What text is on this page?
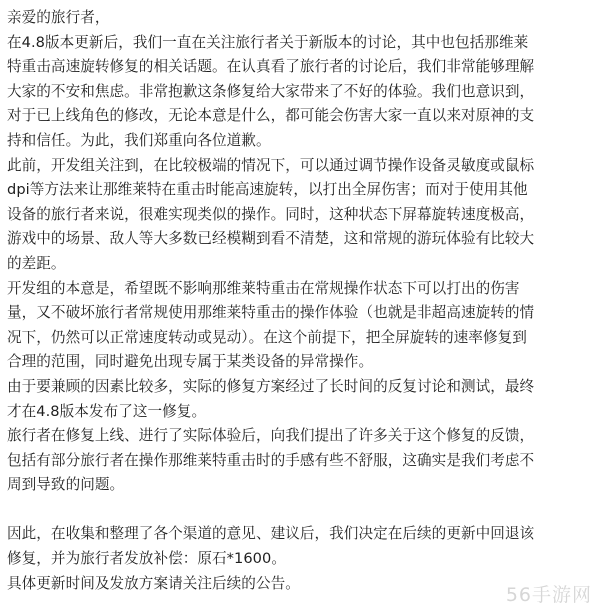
亲爱的旅行者，
在4.8版本更新后，我们一直在关注旅行者关于新版本的讨论，其中也包括那维莱
特重击高速旋转修复的相关话题。在认真看了旅行者的讨论后，我们非常能够理解
大家的不安和焦虑。非常抱歉这条修复给大家带来了不好的体验。我们也意识到，
对于已上线角色的修改，无论本意是什么，都可能会伤害大家一直以来对原神的支
持和信任。为此，我们郑重向各位道歉。
此前，开发组关注到，在比较极端的情况下，可以通过调节操作设备灵敏度或鼠标
dpi等方法来让那维莱特在重击时能高速旋转，以打出全屏伤害；而对于使用其他
设备的旅行者来说，很难实现类似的操作。同时，这种状态下屏幕旋转速度极高，
游戏中的场景、敌人等大多数已经模糊到看不清楚，这和常规的游玩体验有比较大
的差距。
开发组的本意是，希望既不影响那维莱特重击在常规操作状态下可以打出的伤害
量，又不破坏旅行者常规使用那维莱特重击的操作体验（也就是非超高速旋转的情
况下，仍然可以正常速度转动或晃动）。在这个前提下，把全屏旋转的速率修复到
合理的范围，同时避免出现专属于某类设备的异常操作。
由于要兼顾的因素比较多，实际的修复方案经过了长时间的反复讨论和测试，最终
才在4.8版本发布了这一修复。
旅行者在修复上线、进行了实际体验后，向我们提出了许多关于这个修复的反馈，
包括有部分旅行者在操作那维莱特重击时的手感有些不舒服，这确实是我们考虑不
周到导致的问题。
因此，在收集和整理了各个渠道的意见、建议后，我们决定在后续的更新中回退该
修复，并为旅行者发放补偿：原石*1600。
具体更新时间及发放方案请关注后续的公告。
56手游网
